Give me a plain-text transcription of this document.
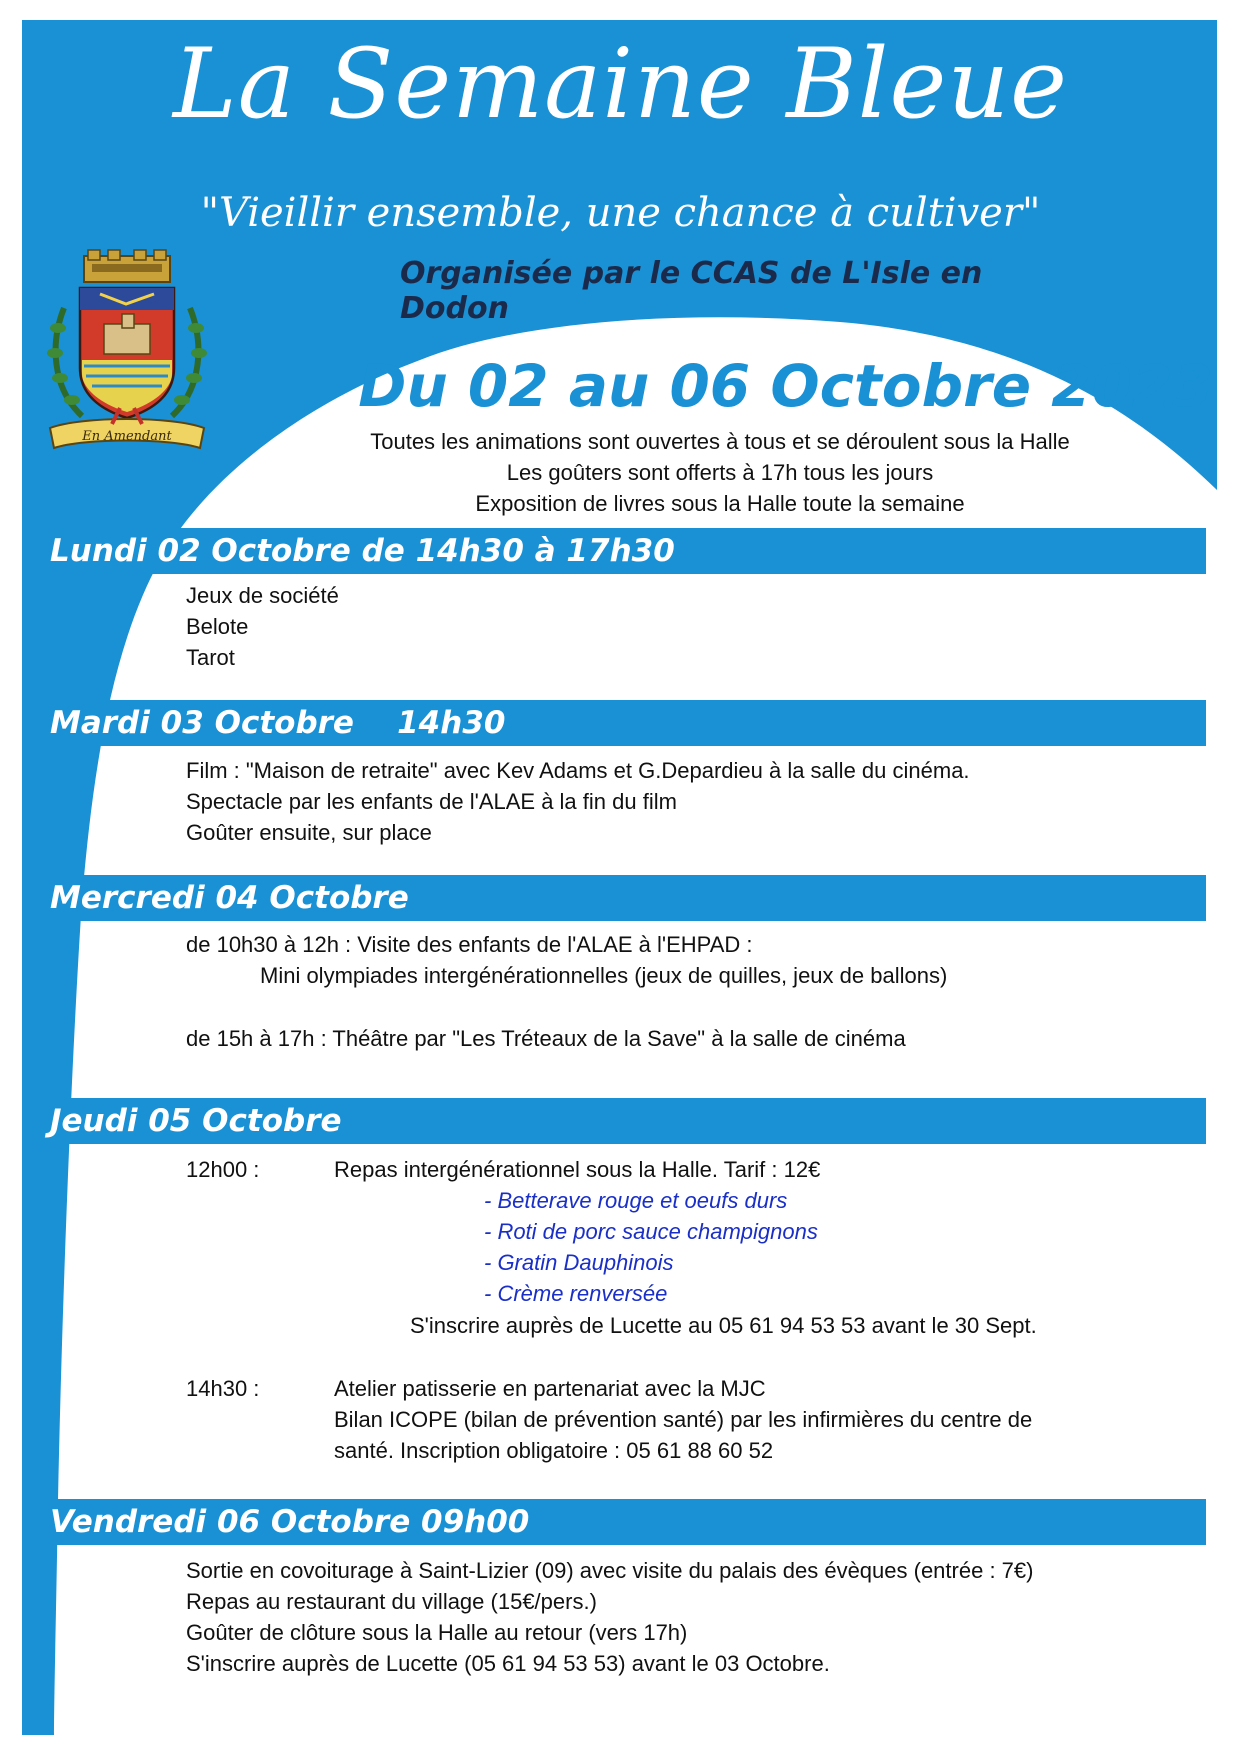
La Semaine Bleue
"Vieillir ensemble, une chance à cultiver"
Organisée par le CCAS de L'Isle en Dodon
En Amendant
Du 02 au 06 Octobre 2023
Toutes les animations sont ouvertes à tous et se déroulent sous la Halle
Les goûters sont offerts à 17h tous les jours
Exposition de livres sous la Halle toute la semaine
Lundi 02 Octobre de 14h30 à 17h30
Jeux de société
Belote
Tarot
Mardi 03 Octobre    14h30
Film : "Maison de retraite" avec Kev Adams et G.Depardieu à la salle du cinéma.
Spectacle par les enfants de l'ALAE à la fin du film
Goûter ensuite, sur place
Mercredi 04 Octobre
de 10h30 à 12h : Visite des enfants de l'ALAE à l'EHPAD :
Mini olympiades intergénérationnelles (jeux de quilles, jeux de ballons)
de 15h à 17h : Théâtre par "Les Tréteaux de la Save" à la salle de cinéma
Jeudi 05 Octobre
12h00 :	Repas intergénérationnel sous la Halle. Tarif : 12€
- Betterave rouge et oeufs durs
- Roti de porc sauce champignons
- Gratin Dauphinois
- Crème renversée
S'inscrire auprès de Lucette au 05 61 94 53 53 avant le 30 Sept.
14h30 :	Atelier patisserie en partenariat avec la MJC
Bilan ICOPE (bilan de prévention santé) par les infirmières du centre de
santé. Inscription obligatoire : 05 61 88 60 52
Vendredi 06 Octobre 09h00
Sortie en covoiturage à Saint-Lizier (09) avec visite du palais des évèques (entrée : 7€)
Repas au restaurant du village (15€/pers.)
Goûter de clôture sous la Halle au retour (vers 17h)
S'inscrire auprès de Lucette (05 61 94 53 53) avant le 03 Octobre.
